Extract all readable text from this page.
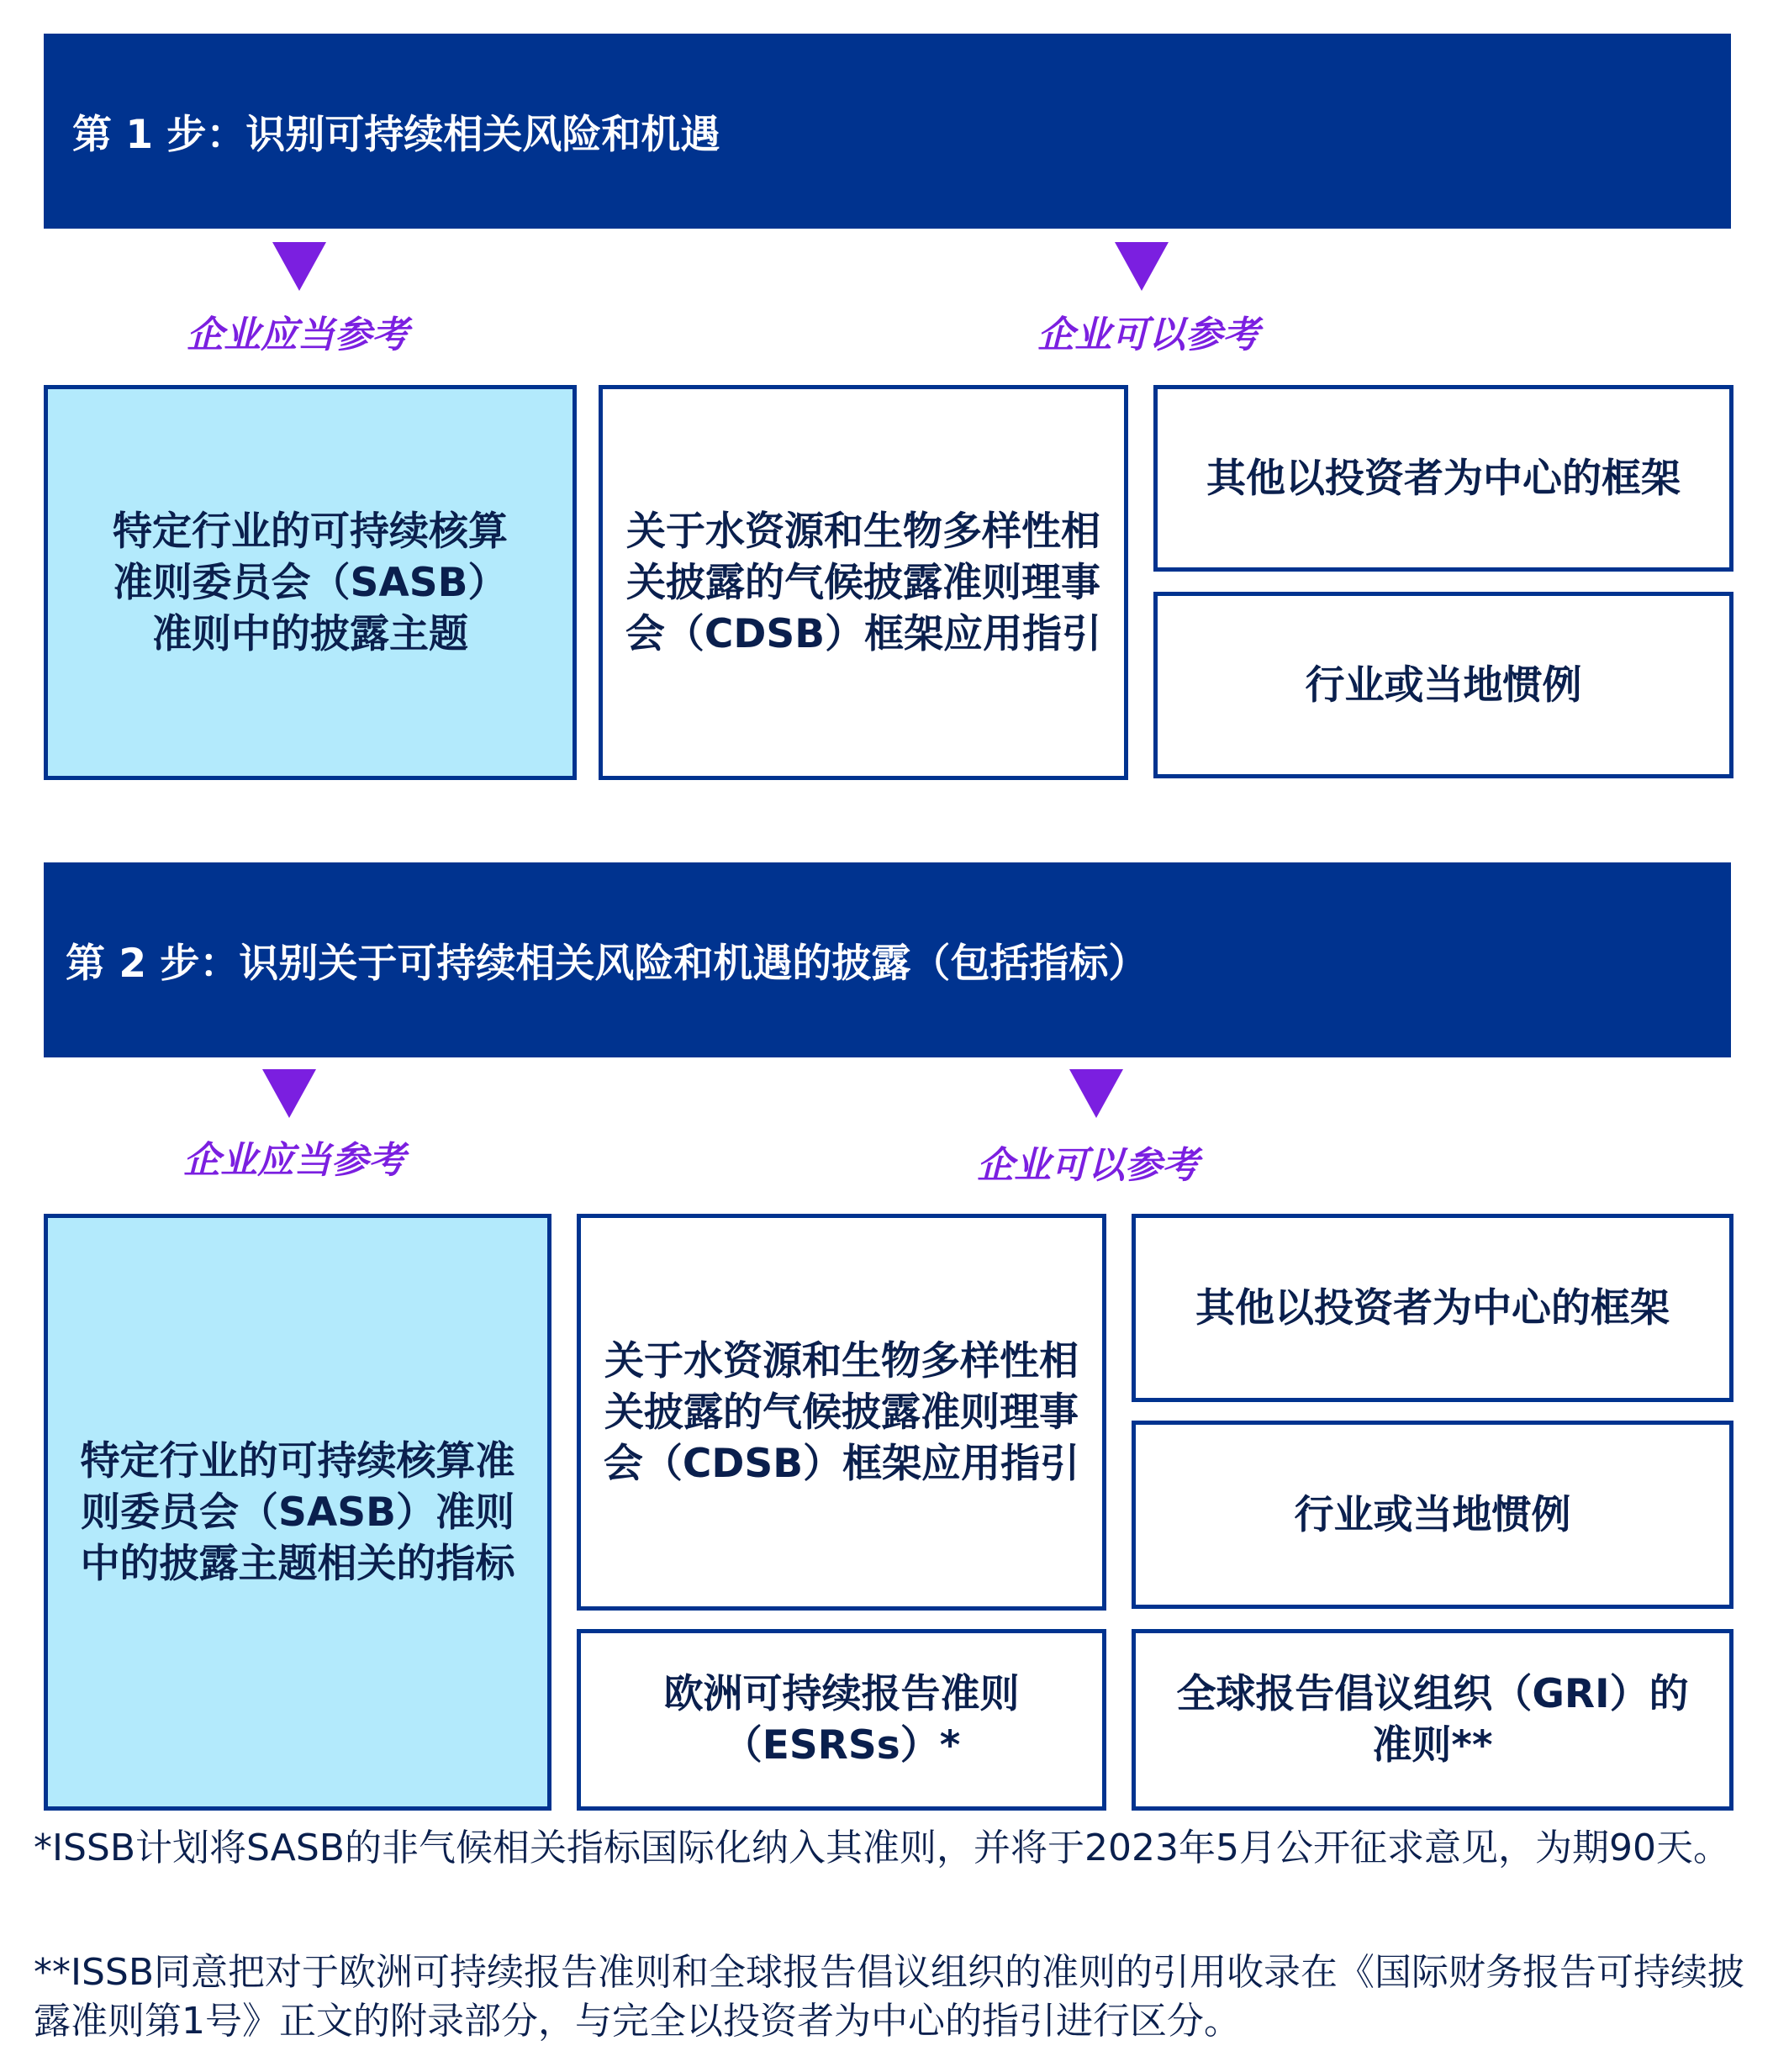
第 1 步：识别可持续相关风险和机遇
企业应当参考	企业可以参考
特定行业的可持续核算准则委员会（SASB）准则中的披露主题
关于水资源和生物多样性相关披露的气候披露准则理事会（CDSB）框架应用指引
其他以投资者为中心的框架
行业或当地惯例
第 2 步：识别关于可持续相关风险和机遇的披露（包括指标）
企业应当参考	企业可以参考
特定行业的可持续核算准则委员会（SASB）准则中的披露主题相关的指标
关于水资源和生物多样性相关披露的气候披露准则理事会（CDSB）框架应用指引
其他以投资者为中心的框架
行业或当地惯例
欧洲可持续报告准则（ESRSs）*
全球报告倡议组织（GRI）的准则**
*ISSB计划将SASB的非气候相关指标国际化纳入其准则，并将于2023年5月公开征求意见，为期90天。
**ISSB同意把对于欧洲可持续报告准则和全球报告倡议组织的准则的引用收录在《国际财务报告可持续披露准则第1号》正文的附录部分，与完全以投资者为中心的指引进行区分。
